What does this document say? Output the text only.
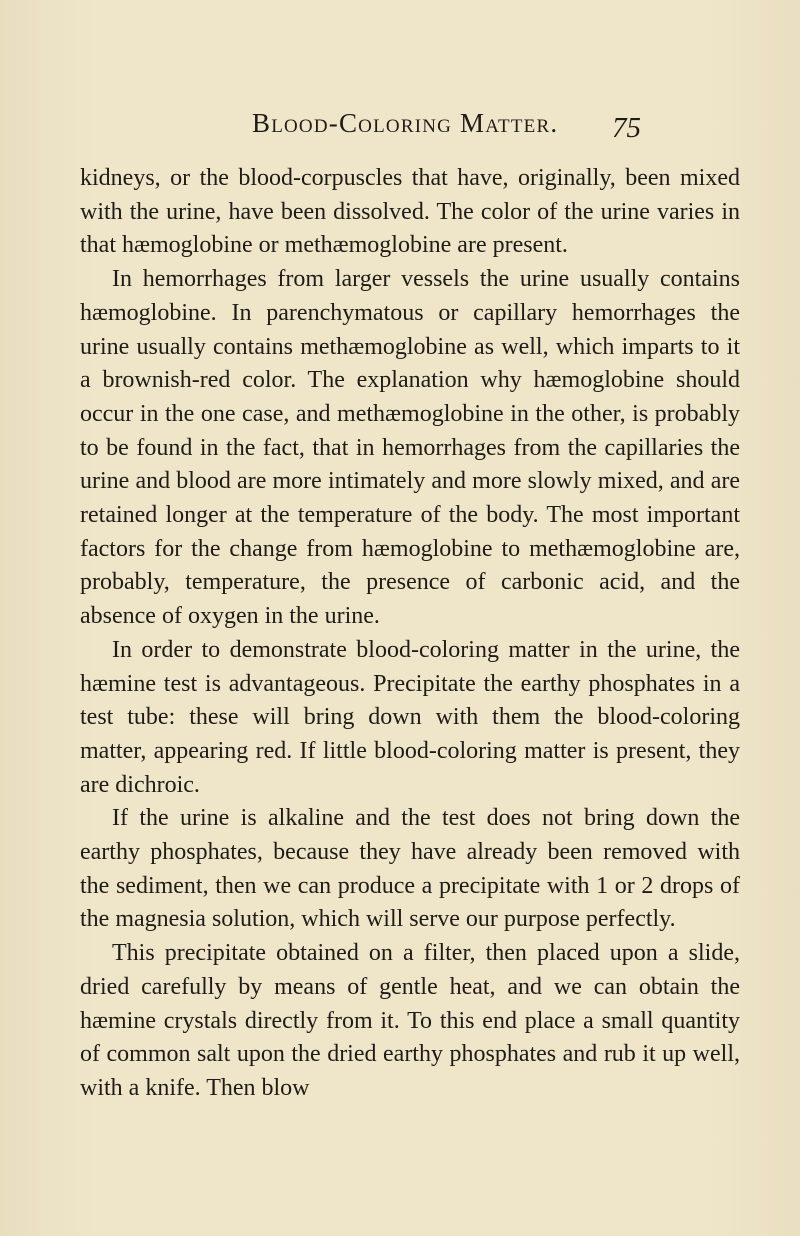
Blood-Coloring Matter. 75

kidneys, or the blood-corpuscles that have, originally, been mixed with the urine, have been dissolved. The color of the urine varies in that hæmoglobine or methæmoglobine are present.

In hemorrhages from larger vessels the urine usually contains hæmoglobine. In parenchymatous or capillary hemorrhages the urine usually contains methæmoglobine as well, which imparts to it a brownish-red color. The explanation why hæmoglobine should occur in the one case, and methæmoglobine in the other, is probably to be found in the fact, that in hemorrhages from the capillaries the urine and blood are more intimately and more slowly mixed, and are retained longer at the temperature of the body. The most important factors for the change from hæmoglobine to methæmoglobine are, probably, temperature, the presence of carbonic acid, and the absence of oxygen in the urine.

In order to demonstrate blood-coloring matter in the urine, the hæmine test is advantageous. Precipitate the earthy phosphates in a test tube: these will bring down with them the blood-coloring matter, appearing red. If little blood-coloring matter is present, they are dichroic.

If the urine is alkaline and the test does not bring down the earthy phosphates, because they have already been removed with the sediment, then we can produce a precipitate with 1 or 2 drops of the magnesia solution, which will serve our purpose perfectly.

This precipitate obtained on a filter, then placed upon a slide, dried carefully by means of gentle heat, and we can obtain the hæmine crystals directly from it. To this end place a small quantity of common salt upon the dried earthy phosphates and rub it up well, with a knife. Then blow
